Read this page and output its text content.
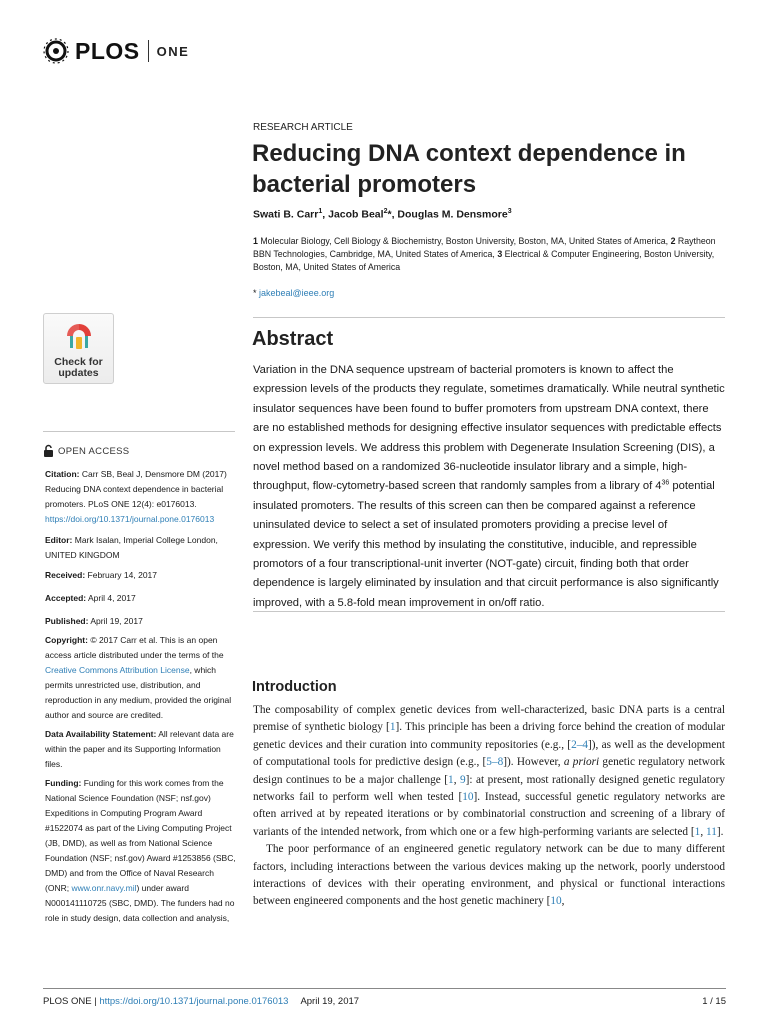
PLOS ONE
RESEARCH ARTICLE
Reducing DNA context dependence in
bacterial promoters
Swati B. Carr$^1$, Jacob Beal$^2$*, Douglas M. Densmore$^3$
1 Molecular Biology, Cell Biology & Biochemistry, Boston University, Boston, MA, United States of America, 2 Raytheon BBN Technologies, Cambridge, MA, United States of America, 3 Electrical & Computer Engineering, Boston University, Boston, MA, United States of America
* jakebeal@ieee.org
Check for
updates
OPEN ACCESS
Citation: Carr SB, Beal J, Densmore DM (2017) Reducing DNA context dependence in bacterial promoters. PLoS ONE 12(4): e0176013. https://doi.org/10.1371/journal.pone.0176013
Editor: Mark Isalan, Imperial College London, UNITED KINGDOM
Received: February 14, 2017
Accepted: April 4, 2017
Published: April 19, 2017
Copyright: © 2017 Carr et al. This is an open access article distributed under the terms of the Creative Commons Attribution License, which permits unrestricted use, distribution, and reproduction in any medium, provided the original author and source are credited.
Data Availability Statement: All relevant data are within the paper and its Supporting Information files.
Funding: Funding for this work comes from the National Science Foundation (NSF; nsf.gov) Expeditions in Computing Program Award #1522074 as part of the Living Computing Project (JB, DMD), as well as from National Science Foundation (NSF; nsf.gov) Award #1253856 (SBC, DMD) and from the Office of Naval Research (ONR; www.onr.navy.mil) under award N000141110725 (SBC, DMD). The funders had no role in study design, data collection and analysis,
Abstract
Variation in the DNA sequence upstream of bacterial promoters is known to affect the expression levels of the products they regulate, sometimes dramatically. While neutral synthetic insulator sequences have been found to buffer promoters from upstream DNA context, there are no established methods for designing effective insulator sequences with predictable effects on expression levels. We address this problem with Degenerate Insulation Screening (DIS), a novel method based on a randomized 36-nucleotide insulator library and a simple, high-throughput, flow-cytometry-based screen that randomly samples from a library of $4^{36}$ potential insulated promoters. The results of this screen can then be compared against a reference uninsulated device to select a set of insulated promoters providing a precise level of expression. We verify this method by insulating the constitutive, inducible, and repressible promotors of a four transcriptional-unit inverter (NOT-gate) circuit, finding both that order dependence is largely eliminated by insulation and that circuit performance is also significantly improved, with a 5.8-fold mean improvement in on/off ratio.
Introduction

The composability of complex genetic devices from well-characterized, basic DNA parts is a central premise of synthetic biology [1]. This principle has been a driving force behind the creation of modular genetic devices and their curation into community repositories (e.g., [2–4]), as well as the development of computational tools for predictive design (e.g., [5–8]). However, a priori genetic regulatory network design continues to be a major challenge [1, 9]: at present, most rationally designed genetic regulatory networks fail to perform well when tested [10]. Instead, successful genetic regulatory networks are often arrived at by repeated iterations or by combinatorial construction and screening of a library of variants of the intended network, from which one or a few high-performing variants are selected [1, 11].

The poor performance of an engineered genetic regulatory network can be due to many different factors, including interactions between the various devices making up the network, poorly understood interactions of devices with their operating environment, and physical or functional interactions between engineered components and the host genetic machinery [10,

PLOS ONE | https://doi.org/10.1371/journal.pone.0176013 April 19, 2017	1 / 15
